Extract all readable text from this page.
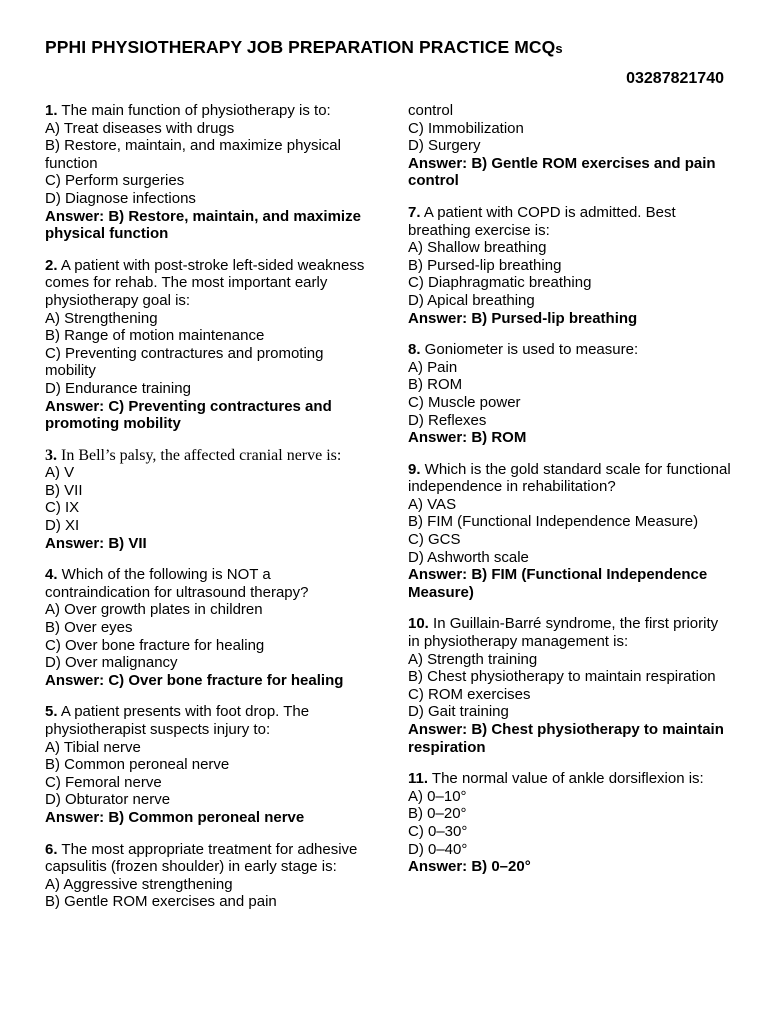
PPHI PHYSIOTHERAPY JOB PREPARATION PRACTICE MCQs
03287821740
1. The main function of physiotherapy is to:
A) Treat diseases with drugs
B) Restore, maintain, and maximize physical function
C) Perform surgeries
D) Diagnose infections
Answer: B) Restore, maintain, and maximize physical function
2. A patient with post-stroke left-sided weakness comes for rehab. The most important early physiotherapy goal is:
A) Strengthening
B) Range of motion maintenance
C) Preventing contractures and promoting mobility
D) Endurance training
Answer: C) Preventing contractures and promoting mobility
3. In Bell’s palsy, the affected cranial nerve is:
A) V
B) VII
C) IX
D) XI
Answer: B) VII
4. Which of the following is NOT a contraindication for ultrasound therapy?
A) Over growth plates in children
B) Over eyes
C) Over bone fracture for healing
D) Over malignancy
Answer: C) Over bone fracture for healing
5. A patient presents with foot drop. The physiotherapist suspects injury to:
A) Tibial nerve
B) Common peroneal nerve
C) Femoral nerve
D) Obturator nerve
Answer: B) Common peroneal nerve
6. The most appropriate treatment for adhesive capsulitis (frozen shoulder) in early stage is:
A) Aggressive strengthening
B) Gentle ROM exercises and pain
control
C) Immobilization
D) Surgery
Answer: B) Gentle ROM exercises and pain control
7. A patient with COPD is admitted. Best breathing exercise is:
A) Shallow breathing
B) Pursed-lip breathing
C) Diaphragmatic breathing
D) Apical breathing
Answer: B) Pursed-lip breathing
8. Goniometer is used to measure:
A) Pain
B) ROM
C) Muscle power
D) Reflexes
Answer: B) ROM
9. Which is the gold standard scale for functional independence in rehabilitation?
A) VAS
B) FIM (Functional Independence Measure)
C) GCS
D) Ashworth scale
Answer: B) FIM (Functional Independence Measure)
10. In Guillain-Barré syndrome, the first priority in physiotherapy management is:
A) Strength training
B) Chest physiotherapy to maintain respiration
C) ROM exercises
D) Gait training
Answer: B) Chest physiotherapy to maintain respiration
11. The normal value of ankle dorsiflexion is:
A) 0–10°
B) 0–20°
C) 0–30°
D) 0–40°
Answer: B) 0–20°
